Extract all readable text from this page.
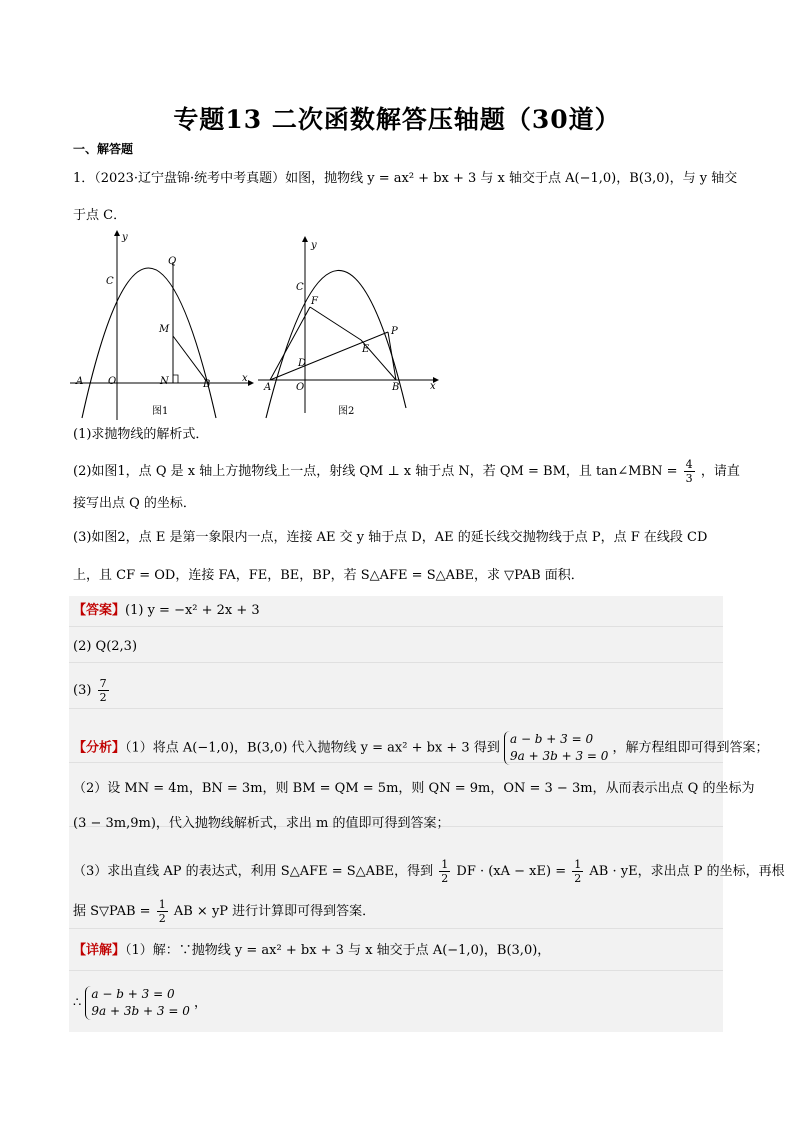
专题13 二次函数解答压轴题（30道）
一、解答题
1．（2023·辽宁盘锦·统考中考真题）如图，抛物线 y = ax² + bx + 3 与 x 轴交于点 A(−1,0)，B(3,0)，与 y 轴交
于点 C．
y
x
C
Q
M
A O	N	B
图1
y
x
C
F
P
E
D
A O	B
图2
(1)求抛物线的解析式．
(2)如图1，点 Q 是 x 轴上方抛物线上一点，射线 QM ⊥ x 轴于点 N，若 QM = BM，且 tan∠MBN = $\frac{4}{3}$ ，请直
接写出点 Q 的坐标．
(3)如图2，点 E 是第一象限内一点，连接 AE 交 y 轴于点 D，AE 的延长线交抛物线于点 P，点 F 在线段 CD
上，且 CF = OD，连接 FA，FE，BE，BP，若 S△AFE = S△ABE，求 ▽PAB 面积．
【答案】(1) y = −x² + 2x + 3
(2) Q(2,3)
$(3) \frac{7}{2}$
【分析】（1）将点 A(−1,0)，B(3,0) 代入抛物线 y = ax² + bx + 3 得到 a − b + 3 = 0
9a + 3b + 3 = 0 ，解方程组即可得到答案；
（2）设 MN = 4m，BN = 3m，则 BM = QM = 5m，则 QN = 9m，ON = 3 − 3m，从而表示出点 Q 的坐标为
(3 − 3m,9m)，代入抛物线解析式，求出 m 的值即可得到答案；
（3）求出直线 AP 的表达式，利用 S△AFE = S△ABE，得到 $\frac{1}{2}$ DF · $(xA - xE) = \frac{1}{2}$ AB · yE，求出点 P 的坐标，再根
据 S▽PAB = $\frac{1}{2}$ AB × yP 进行计算即可得到答案．
【详解】（1）解：∵抛物线 y = ax² + bx + 3 与 x 轴交于点 A(−1,0)，B(3,0)，
∴ a − b + 3 = 0
9a + 3b + 3 = 0 ，
